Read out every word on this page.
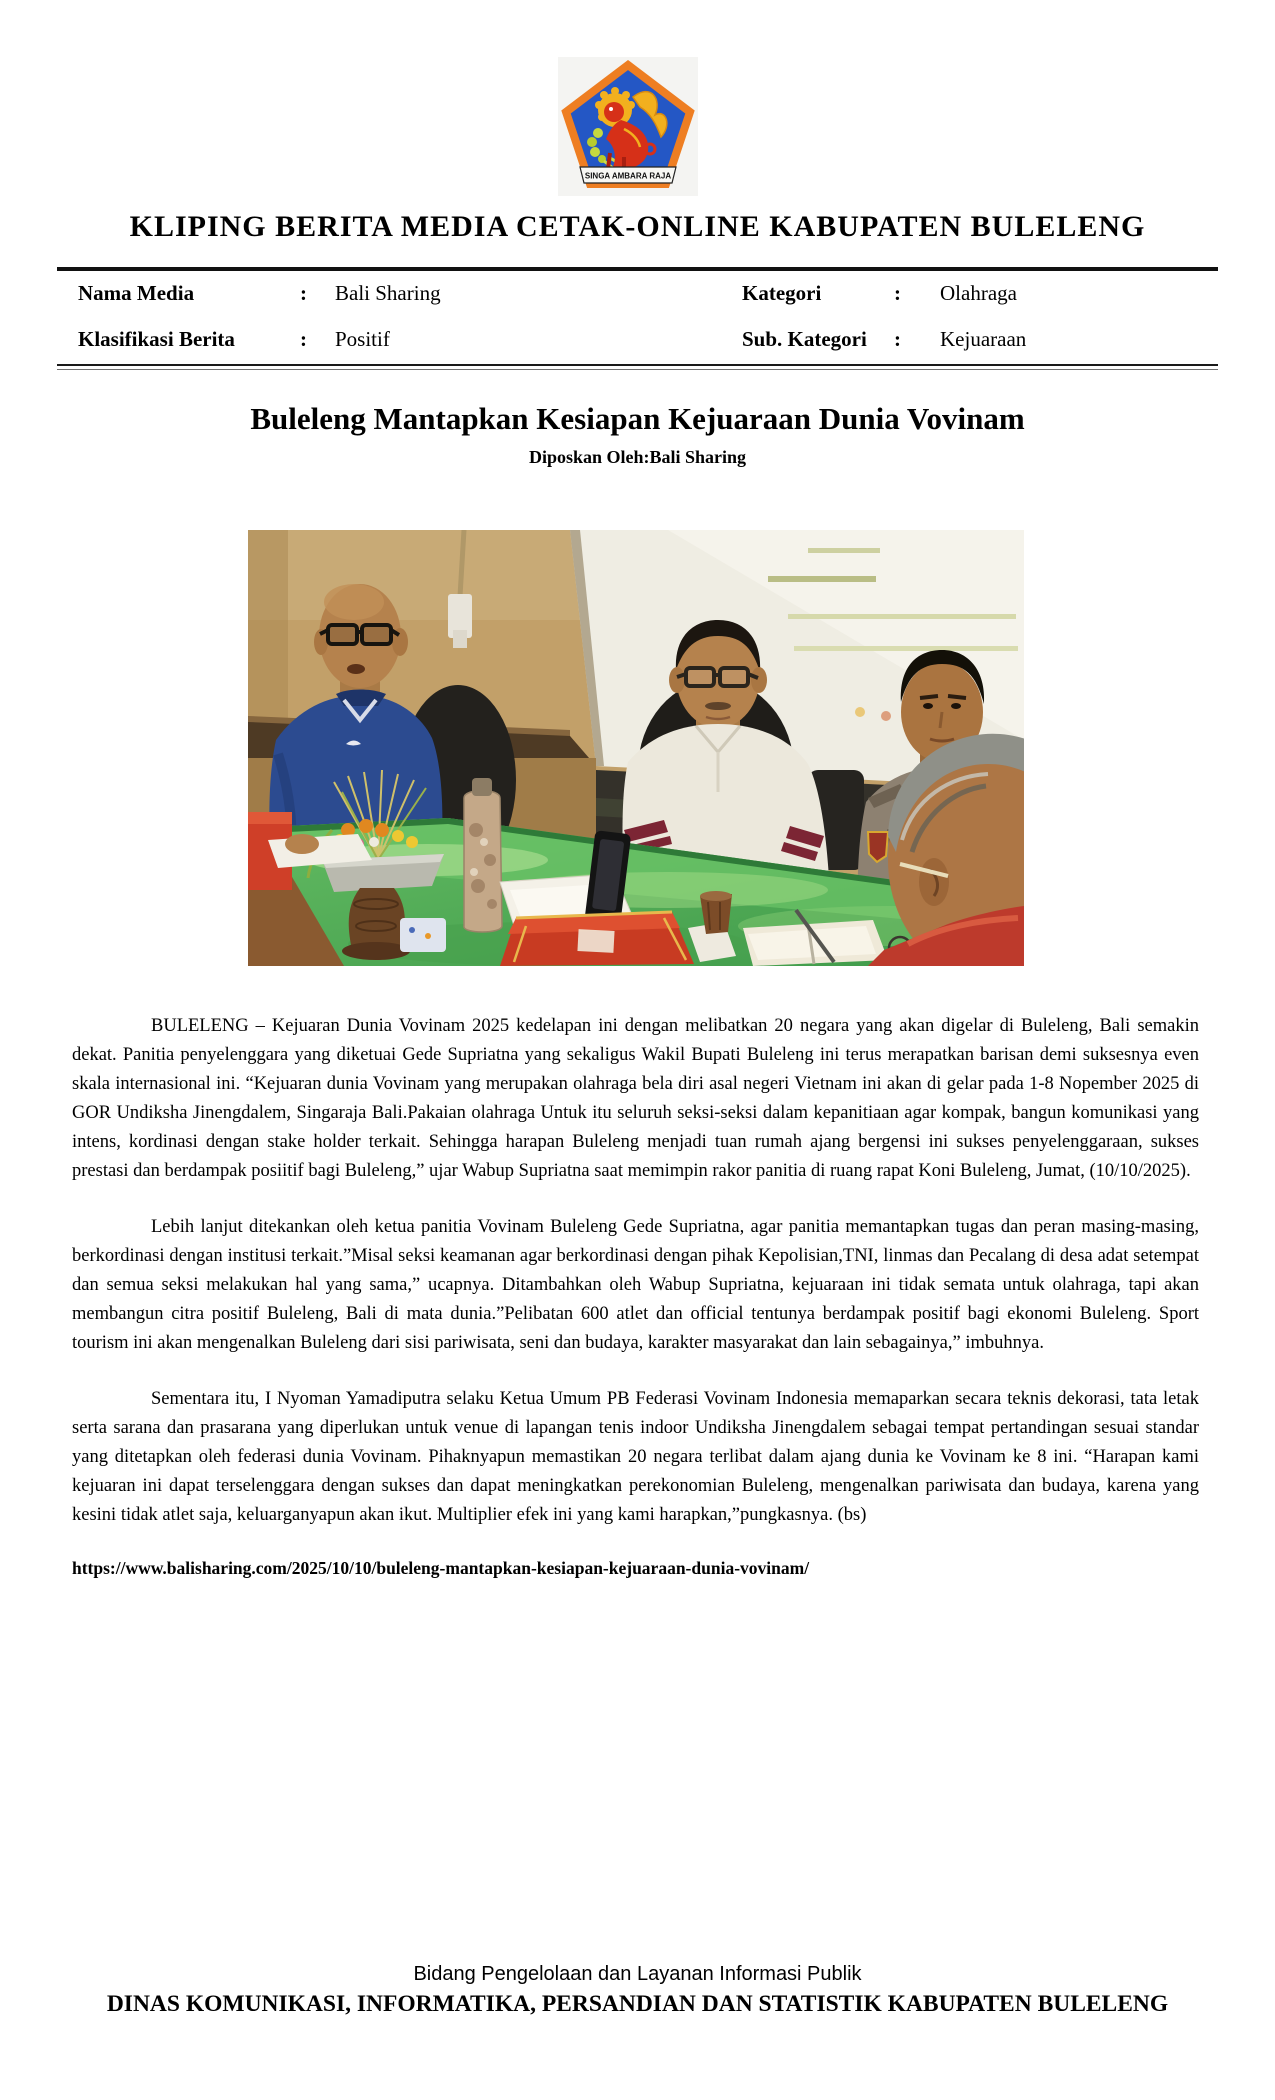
SINGA AMBARA RAJA
KLIPING BERITA MEDIA CETAK-ONLINE KABUPATEN BULELENG
Nama Media	:	Bali Sharing	Kategori	:	Olahraga
Klasifikasi Berita	:	Positif	Sub. Kategori	:	Kejuaraan
Buleleng Mantapkan Kesiapan Kejuaraan Dunia Vovinam
Diposkan Oleh:Bali Sharing

BULELENG – Kejuaran Dunia Vovinam 2025 kedelapan ini dengan melibatkan 20 negara yang akan digelar di Buleleng, Bali semakin dekat. Panitia penyelenggara yang diketuai Gede Supriatna yang sekaligus Wakil Bupati Buleleng ini terus merapatkan barisan demi suksesnya even skala internasional ini. “Kejuaran dunia Vovinam yang merupakan olahraga bela diri asal negeri Vietnam ini akan di gelar pada 1-8 Nopember 2025 di GOR Undiksha Jinengdalem, Singaraja Bali.Pakaian olahraga Untuk itu seluruh seksi-seksi dalam kepanitiaan agar kompak, bangun komunikasi yang intens, kordinasi dengan stake holder terkait. Sehingga harapan Buleleng menjadi tuan rumah ajang bergensi ini sukses penyelenggaraan, sukses prestasi dan berdampak posiitif bagi Buleleng,” ujar Wabup Supriatna saat memimpin rakor panitia di ruang rapat Koni Buleleng, Jumat, (10/10/2025).

Lebih lanjut ditekankan oleh ketua panitia Vovinam Buleleng Gede Supriatna, agar panitia memantapkan tugas dan peran masing-masing, berkordinasi dengan institusi terkait.”Misal seksi keamanan agar berkordinasi dengan pihak Kepolisian,TNI, linmas dan Pecalang di desa adat setempat dan semua seksi melakukan hal yang sama,” ucapnya. Ditambahkan oleh Wabup Supriatna, kejuaraan ini tidak semata untuk olahraga, tapi akan membangun citra positif Buleleng, Bali di mata dunia.”Pelibatan 600 atlet dan official tentunya berdampak positif bagi ekonomi Buleleng. Sport tourism ini akan mengenalkan Buleleng dari sisi pariwisata, seni dan budaya, karakter masyarakat dan lain sebagainya,” imbuhnya.

Sementara itu, I Nyoman Yamadiputra selaku Ketua Umum PB Federasi Vovinam Indonesia memaparkan secara teknis dekorasi, tata letak serta sarana dan prasarana yang diperlukan untuk venue di lapangan tenis indoor Undiksha Jinengdalem sebagai tempat pertandingan sesuai standar yang ditetapkan oleh federasi dunia Vovinam. Pihaknyapun memastikan 20 negara terlibat dalam ajang dunia ke Vovinam ke 8 ini. “Harapan kami kejuaran ini dapat terselenggara dengan sukses dan dapat meningkatkan perekonomian Buleleng, mengenalkan pariwisata dan budaya, karena yang kesini tidak atlet saja, keluarganyapun akan ikut. Multiplier efek ini yang kami harapkan,”pungkasnya. (bs)

https://www.balisharing.com/2025/10/10/buleleng-mantapkan-kesiapan-kejuaraan-dunia-vovinam/
Bidang Pengelolaan dan Layanan Informasi Publik
DINAS KOMUNIKASI, INFORMATIKA, PERSANDIAN DAN STATISTIK KABUPATEN BULELENG
